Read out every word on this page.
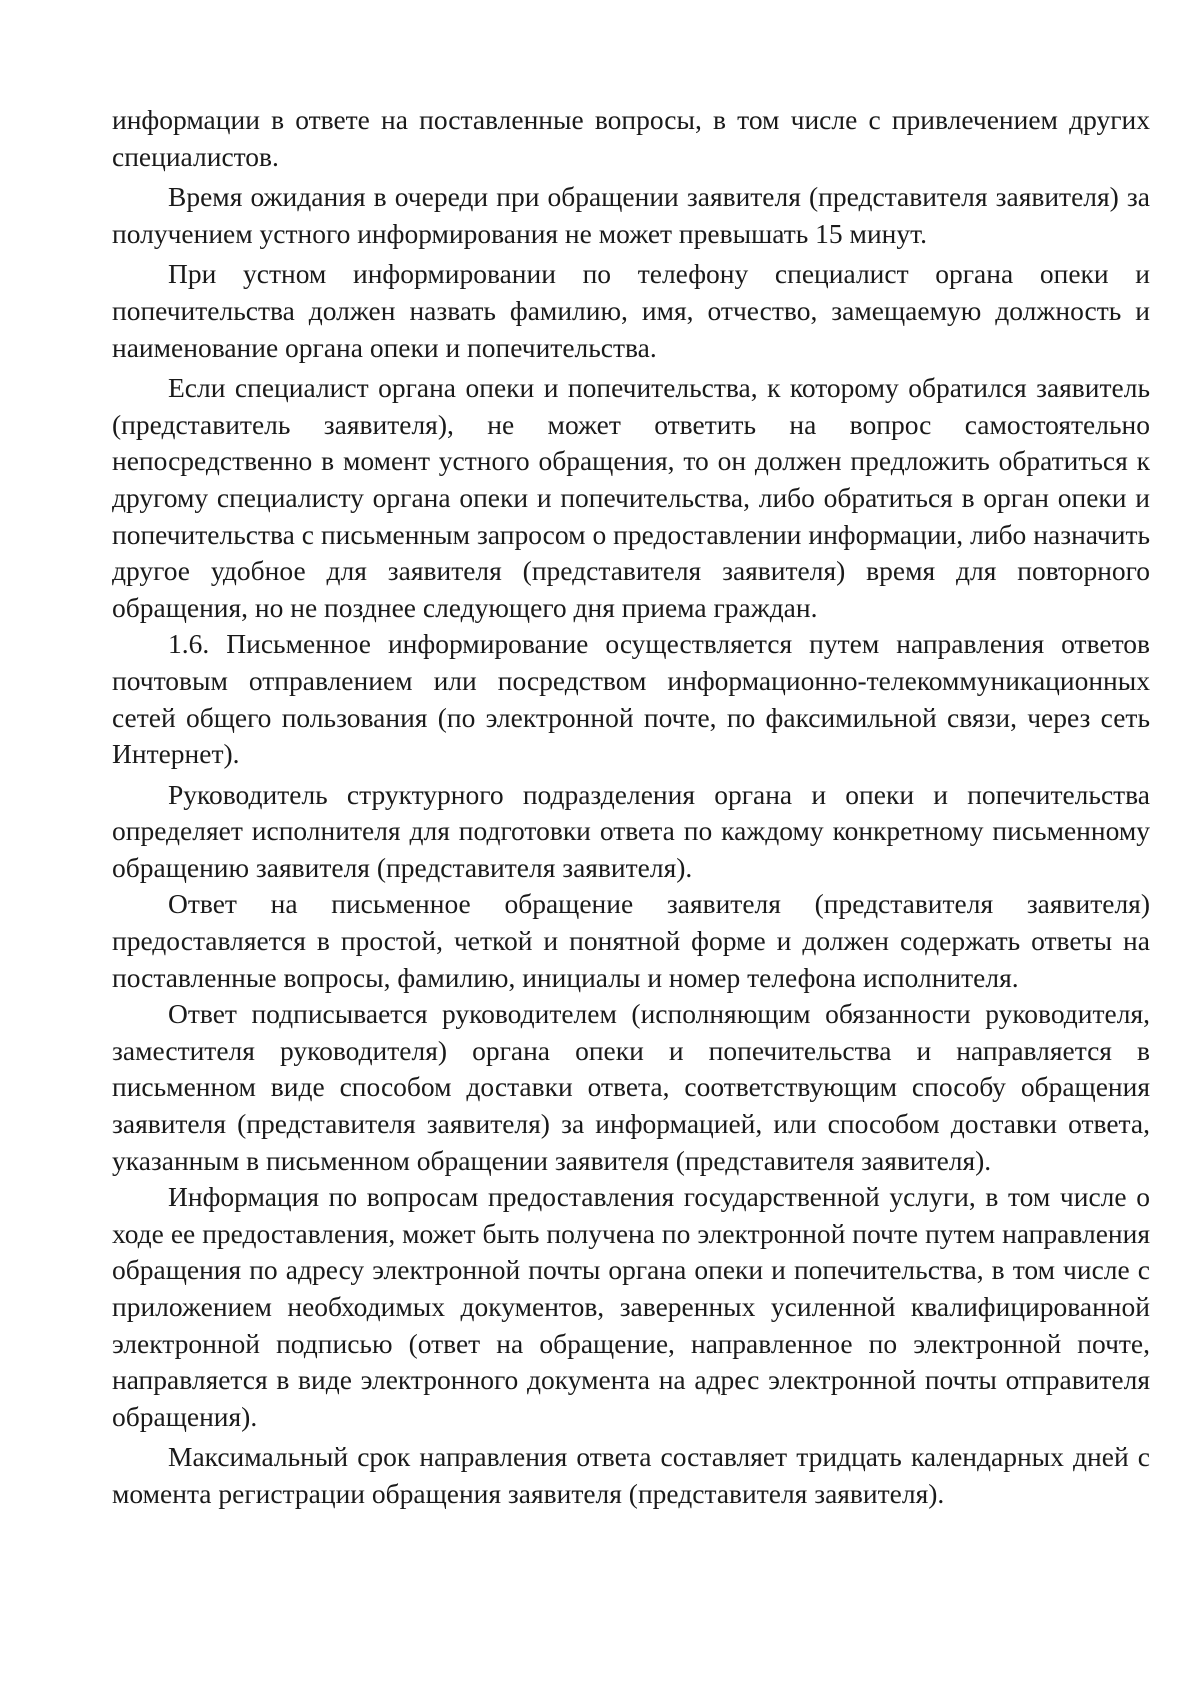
информации в ответе на поставленные вопросы, в том числе с привлечением других специалистов.

Время ожидания в очереди при обращении заявителя (представителя заявителя) за получением устного информирования не может превышать 15 минут.

При устном информировании по телефону специалист органа опеки и попечительства должен назвать фамилию, имя, отчество, замещаемую должность и наименование органа опеки и попечительства.

Если специалист органа опеки и попечительства, к которому обратился заявитель (представитель заявителя), не может ответить на вопрос самостоятельно непосредственно в момент устного обращения, то он должен предложить обратиться к другому специалисту органа опеки и попечительства, либо обратиться в орган опеки и попечительства с письменным запросом о предоставлении информации, либо назначить другое удобное для заявителя (представителя заявителя) время для повторного обращения, но не позднее следующего дня приема граждан.

1.6. Письменное информирование осуществляется путем направления ответов почтовым отправлением или посредством информационно-телекоммуникационных сетей общего пользования (по электронной почте, по факсимильной связи, через сеть Интернет).

Руководитель структурного подразделения органа и опеки и попечительства определяет исполнителя для подготовки ответа по каждому конкретному письменному обращению заявителя (представителя заявителя).

Ответ на письменное обращение заявителя (представителя заявителя) предоставляется в простой, четкой и понятной форме и должен содержать ответы на поставленные вопросы, фамилию, инициалы и номер телефона исполнителя.

Ответ подписывается руководителем (исполняющим обязанности руководителя, заместителя руководителя) органа опеки и попечительства и направляется в письменном виде способом доставки ответа, соответствующим способу обращения заявителя (представителя заявителя) за информацией, или способом доставки ответа, указанным в письменном обращении заявителя (представителя заявителя).

Информация по вопросам предоставления государственной услуги, в том числе о ходе ее предоставления, может быть получена по электронной почте путем направления обращения по адресу электронной почты органа опеки и попечительства, в том числе с приложением необходимых документов, заверенных усиленной квалифицированной электронной подписью (ответ на обращение, направленное по электронной почте, направляется в виде электронного документа на адрес электронной почты отправителя обращения).

Максимальный срок направления ответа составляет тридцать календарных дней с момента регистрации обращения заявителя (представителя заявителя).
